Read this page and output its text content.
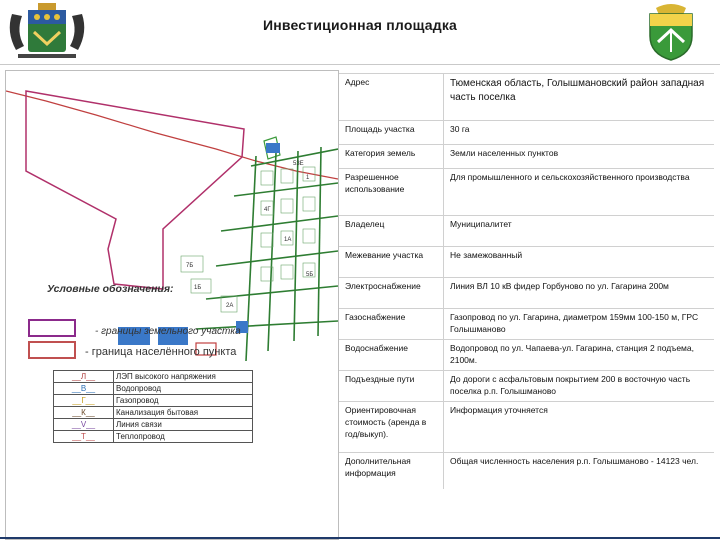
Инвестиционная площадка
53Е
7Б
1Б
4Г
1А
5Б
2А
1
Условные обозначения:
- границы земельного участка
- граница населённого пункта
__Л__	ЛЭП высокого напряжения
__В__	Водопровод
__Г__	Газопровод
__К__	Канализация бытовая
__V__	Линия связи
__Т__	Теплопровод
Адрес	Тюменская область, Голышмановский район западная часть поселка
Площадь участка	30 га
Категория земель	Земли населенных пунктов
Разрешенное использование	Для промышленного и сельскохозяйственного производства
Владелец	Муниципалитет
Межевание участка	Не замежованный
Электроснабжение	Линия ВЛ 10 кВ фидер Горбуново по ул. Гагарина 200м
Газоснабжение	Газопровод по ул. Гагарина, диаметром 159мм 100-150 м, ГРС Голышманово
Водоснабжение	Водопровод по ул. Чапаева-ул. Гагарина, станция 2 подъема, 2100м.
Подъездные пути	До дороги с асфальтовым покрытием 200 в восточную часть поселка р.п. Голышманово
Ориентировочная стоимость (аренда в год/выкуп).	Информация уточняется
Дополнительная информация	Общая численность населения р.п. Голышманово - 14123 чел.
